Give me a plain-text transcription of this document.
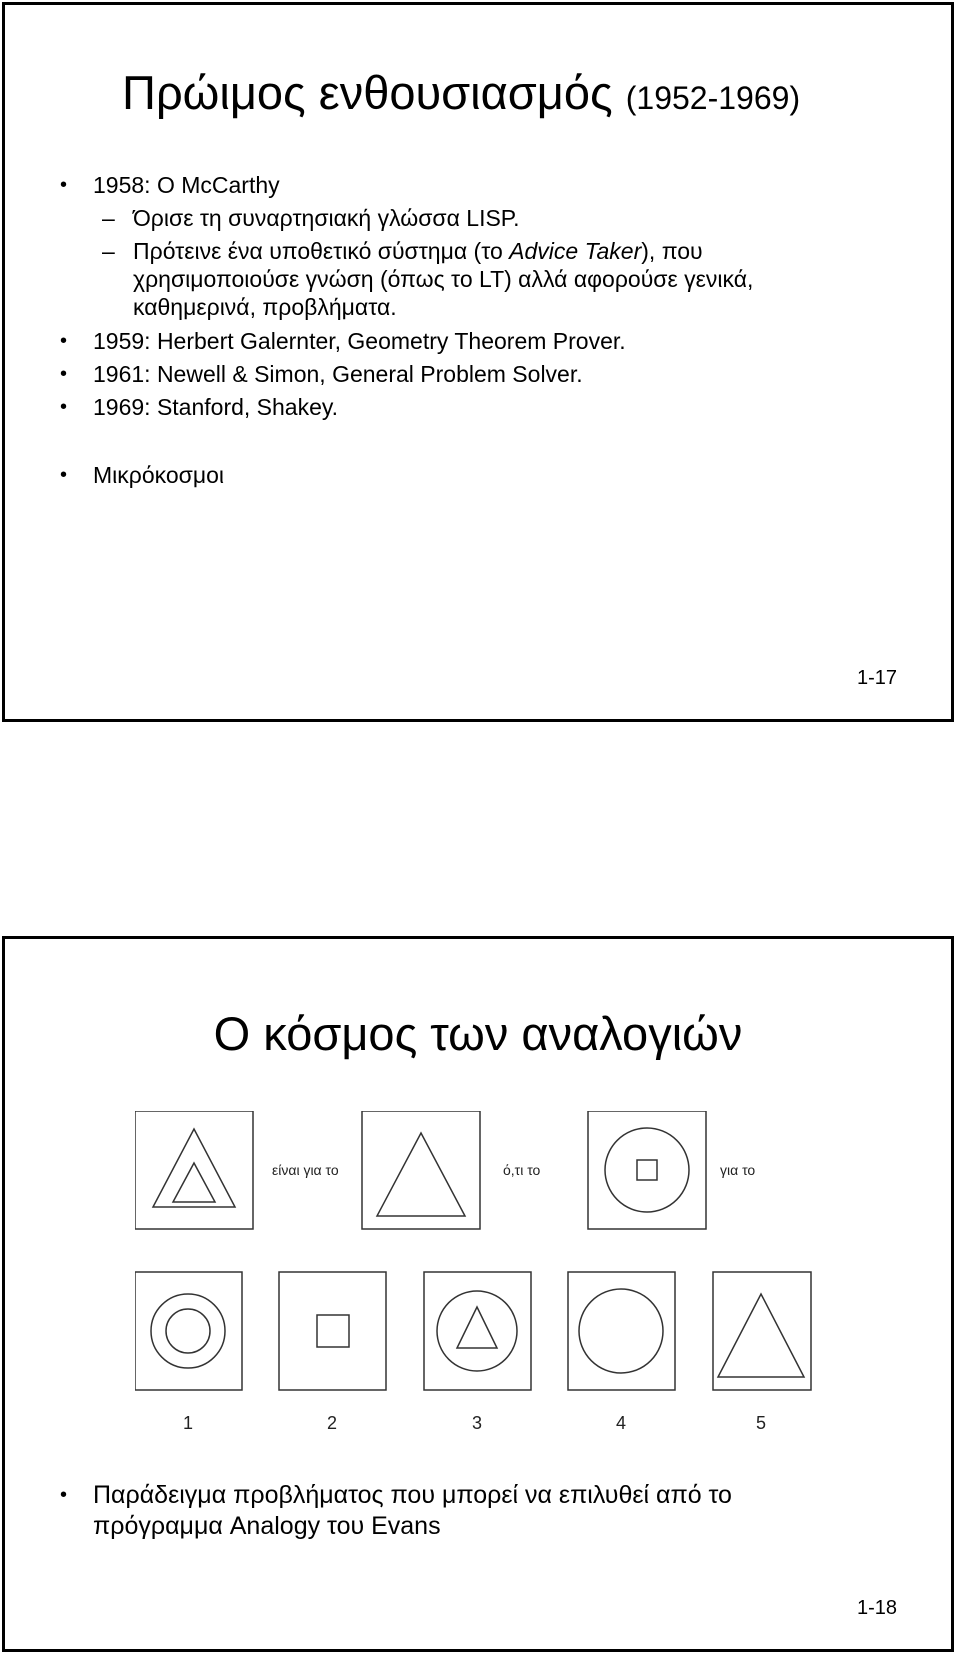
Πρώιμος ενθουσιασμός (1952-1969)
• 1958: Ο McCarthy
– Όρισε τη συναρτησιακή γλώσσα LISP.
– Πρότεινε ένα υποθετικό σύστημα (το Advice Taker), που
χρησιμοποιούσε γνώση (όπως το LT) αλλά αφορούσε γενικά,
καθημερινά, προβλήματα.
• 1959: Herbert Galernter, Geometry Theorem Prover.
• 1961: Newell & Simon, General Problem Solver.
• 1969: Stanford, Shakey.
• Μικρόκοσμοι
1-17
Ο κόσμος των αναλογιών
είναι για το	ό,τι το	για το
1	2	3	4	5
• Παράδειγμα προβλήματος που μπορεί να επιλυθεί από το
πρόγραμμα Analogy του Evans
1-18
